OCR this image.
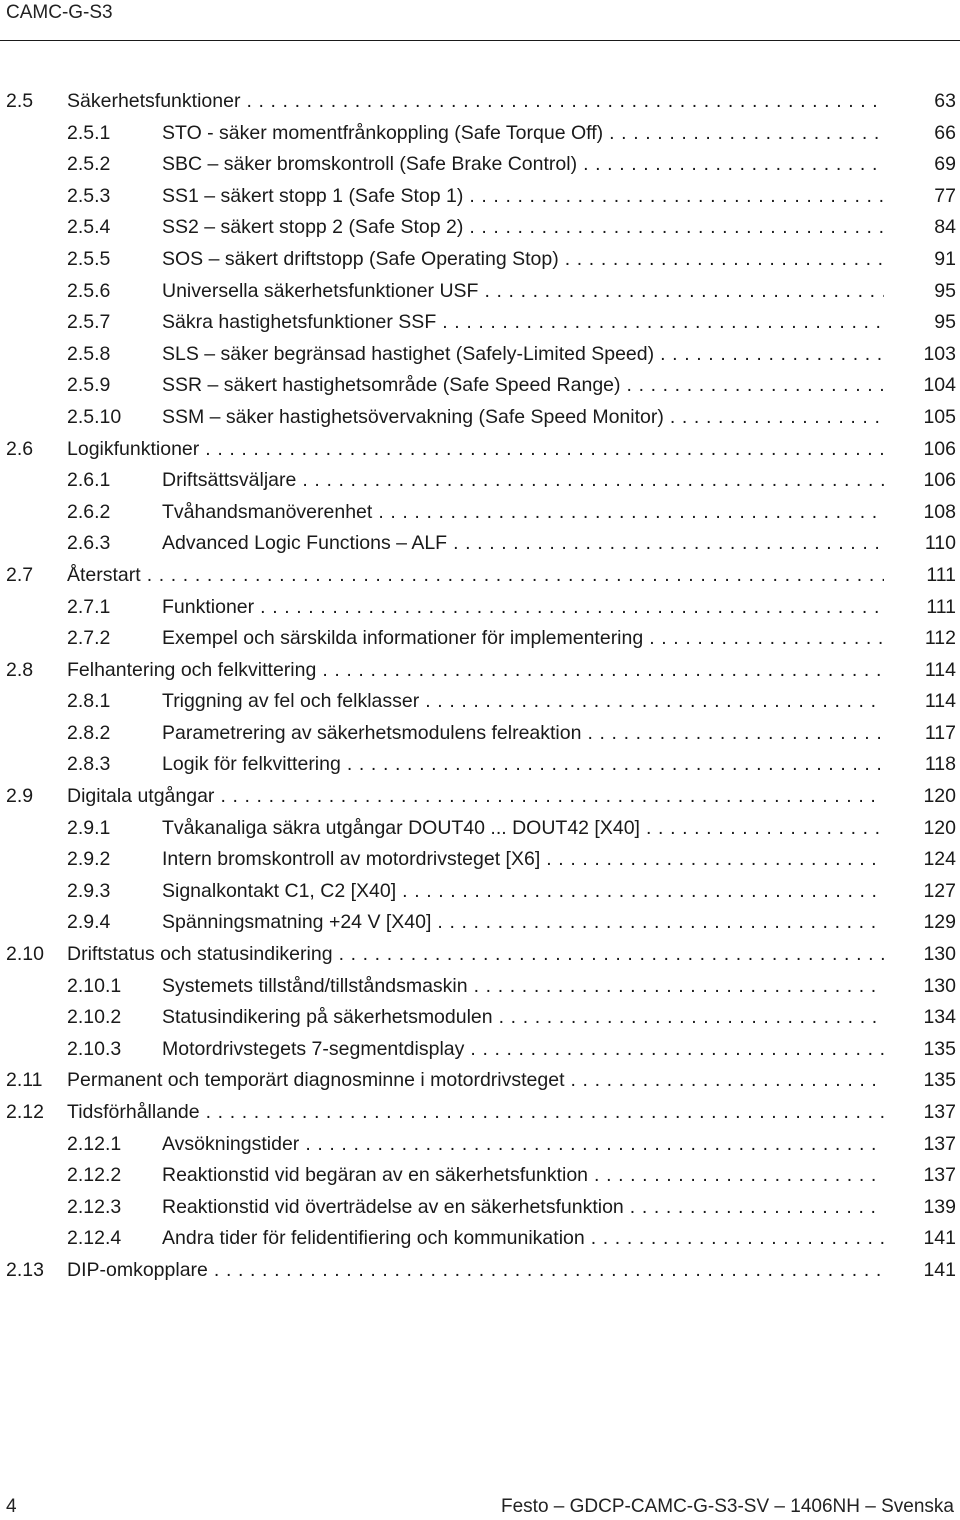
CAMC-G-S3
2.5 Säkerhetsfunktioner . . .	63
2.5.1	STO - säker momentfrånkoppling (Safe Torque Off) . . .	66
2.5.2	SBC – säker bromskontroll (Safe Brake Control) . . .	69
2.5.3	SS1 – säkert stopp 1 (Safe Stop 1) . . .	77
2.5.4	SS2 – säkert stopp 2 (Safe Stop 2) . . .	84
2.5.5	SOS – säkert driftstopp (Safe Operating Stop) . . .	91
2.5.6	Universella säkerhetsfunktioner USF . . .	95
2.5.7	Säkra hastighetsfunktioner SSF . . .	95
2.5.8	SLS – säker begränsad hastighet (Safely-Limited Speed) . . .	103
2.5.9	SSR – säkert hastighetsområde (Safe Speed Range) . . .	104
2.5.10 SSM – säker hastighetsövervakning (Safe Speed Monitor) . . .	105
2.6 Logikfunktioner . . .	106
2.6.1	Driftsättsväljare . . .	106
2.6.2	Tvåhandsmanöverenhet . . .	108
2.6.3	Advanced Logic Functions – ALF . . .	110
2.7 Återstart . . .	111
2.7.1	Funktioner . . .	111
2.7.2	Exempel och särskilda informationer för implementering . . .	112
2.8 Felhantering och felkvittering . . .	114
2.8.1	Triggning av fel och felklasser . . .	114
2.8.2	Parametrering av säkerhetsmodulens felreaktion . . .	117
2.8.3	Logik för felkvittering . . .	118
2.9 Digitala utgångar . . .	120
2.9.1	Tvåkanaliga säkra utgångar DOUT40 ... DOUT42 [X40] . . .	120
2.9.2	Intern bromskontroll av motordrivsteget [X6] . . .	124
2.9.3	Signalkontakt C1, C2 [X40] . . .	127
2.9.4	Spänningsmatning +24 V [X40] . . .	129
2.10 Driftstatus och statusindikering . . .	130
2.10.1 Systemets tillstånd/tillståndsmaskin . . .	130
2.10.2 Statusindikering på säkerhetsmodulen . . .	134
2.10.3 Motordrivstegets 7-segmentdisplay . . .	135
2.11 Permanent och temporärt diagnosminne i motordrivsteget . . .	135
2.12 Tidsförhållande . . .	137
2.12.1 Avsökningstider . . .	137
2.12.2 Reaktionstid vid begäran av en säkerhetsfunktion . . .	137
2.12.3 Reaktionstid vid överträdelse av en säkerhetsfunktion . . .	139
2.12.4 Andra tider för felidentifiering och kommunikation . . .	141
2.13 DIP-omkopplare . . .	141
4	Festo – GDCP-CAMC-G-S3-SV – 1406NH – Svenska
